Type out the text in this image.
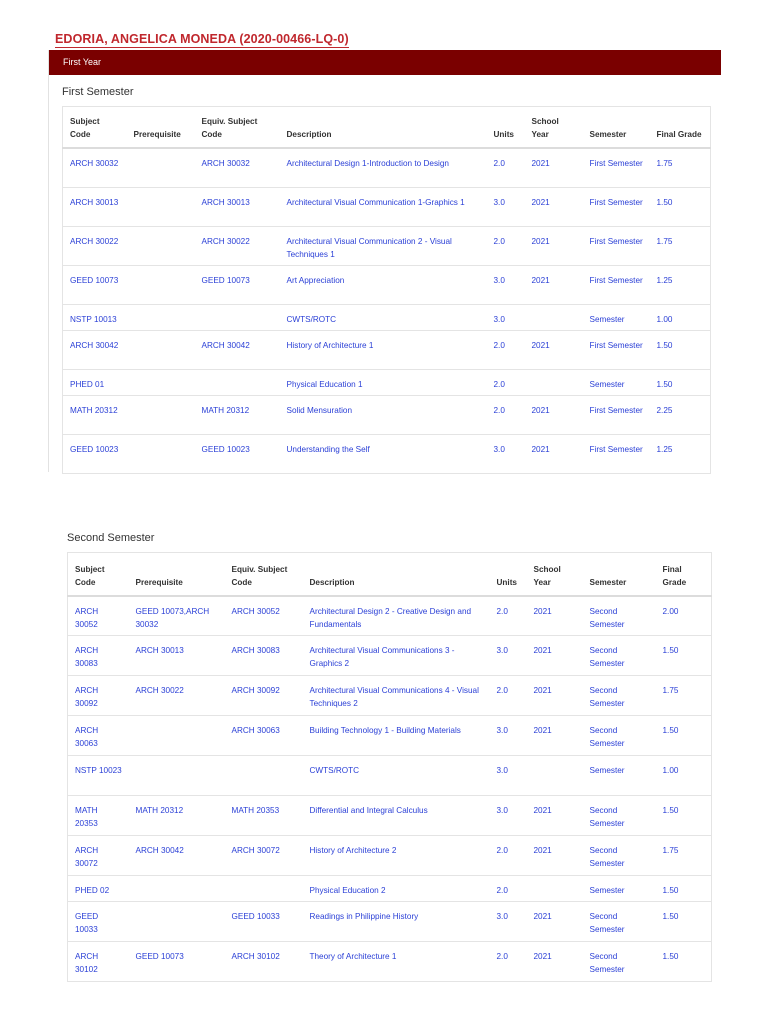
EDORIA, ANGELICA MONEDA (2020-00466-LQ-0)
First Year
First Semester
Subject Code	Prerequisite	Equiv. Subject Code	Description	Units	School Year	Semester	Final Grade
ARCH 30032		ARCH 30032	Architectural Design 1-Introduction to Design	2.0	2021	First Semester	1.75
ARCH 30013		ARCH 30013	Architectural Visual Communication 1-Graphics 1	3.0	2021	First Semester	1.50
ARCH 30022		ARCH 30022	Architectural Visual Communication 2 - Visual Techniques 1	2.0	2021	First Semester	1.75
GEED 10073		GEED 10073	Art Appreciation	3.0	2021	First Semester	1.25
NSTP 10013			CWTS/ROTC	3.0		Semester	1.00
ARCH 30042		ARCH 30042	History of Architecture 1	2.0	2021	First Semester	1.50
PHED 01			Physical Education 1	2.0		Semester	1.50
MATH 20312		MATH 20312	Solid Mensuration	2.0	2021	First Semester	2.25
GEED 10023		GEED 10023	Understanding the Self	3.0	2021	First Semester	1.25
Second Semester
Subject Code	Prerequisite	Equiv. Subject Code	Description	Units	School Year	Semester	Final Grade
ARCH 30052	GEED 10073,ARCH 30032	ARCH 30052	Architectural Design 2 - Creative Design and Fundamentals	2.0	2021	Second Semester	2.00
ARCH 30083	ARCH 30013	ARCH 30083	Architectural Visual Communications 3 - Graphics 2	3.0	2021	Second Semester	1.50
ARCH 30092	ARCH 30022	ARCH 30092	Architectural Visual Communications 4 - Visual Techniques 2	2.0	2021	Second Semester	1.75
ARCH 30063		ARCH 30063	Building Technology 1 - Building Materials	3.0	2021	Second Semester	1.50
NSTP 10023			CWTS/ROTC	3.0		Semester	1.00
MATH 20353	MATH 20312	MATH 20353	Differential and Integral Calculus	3.0	2021	Second Semester	1.50
ARCH 30072	ARCH 30042	ARCH 30072	History of Architecture 2	2.0	2021	Second Semester	1.75
PHED 02			Physical Education 2	2.0		Semester	1.50
GEED 10033		GEED 10033	Readings in Philippine History	3.0	2021	Second Semester	1.50
ARCH 30102	GEED 10073	ARCH 30102	Theory of Architecture 1	2.0	2021	Second Semester	1.50
